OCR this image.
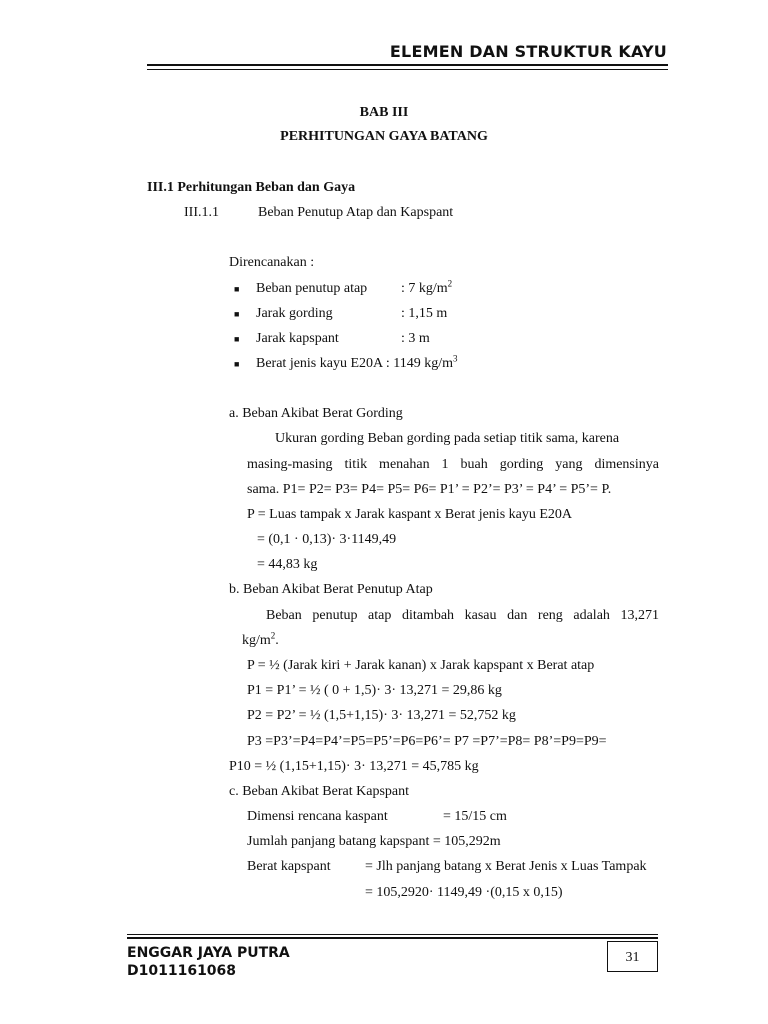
ELEMEN DAN STRUKTUR KAYU
BAB III
PERHITUNGAN GAYA BATANG
III.1 Perhitungan Beban dan Gaya
III.1.1	Beban Penutup Atap dan Kapspant
Direncanakan :
■ Beban penutup atap : 7 $kg/m^2$
■ Jarak gording	: 1,15 m
■ Jarak kapspant	: 3 m
■ Berat jenis kayu E20A : 1149 $kg/m^3$
a. Beban Akibat Berat Gording
Ukuran gording Beban gording pada setiap titik sama, karena
masing-masing titik menahan 1 buah gording yang dimensinya
sama. P1= P2= P3= P4= P5= P6= P1’ = P2’= P3’ = P4’ = P5’= P.
P = Luas tampak x Jarak kaspant x Berat jenis kayu E20A
= (0,1 · 0,13)· 3·1149,49
= 44,83 kg
b. Beban Akibat Berat Penutup Atap
Beban penutup atap ditambah kasau dan reng adalah 13,271
$kg/m^2$.
P = ½ (Jarak kiri + Jarak kanan) x Jarak kapspant x Berat atap
P1 = P1’ = ½ ( 0 + 1,5)· 3· 13,271 = 29,86 kg
P2 = P2’ = ½ (1,5+1,15)· 3· 13,271 = 52,752 kg
P3 =P3’=P4=P4’=P5=P5’=P6=P6’= P7 =P7’=P8= P8’=P9=P9=
P10 = ½ (1,15+1,15)· 3· 13,271 = 45,785 kg
c. Beban Akibat Berat Kapspant
Dimensi rencana kaspant	= 15/15 cm
Jumlah panjang batang kapspant = 105,292m
Berat kapspant = Jlh panjang batang x Berat Jenis x Luas Tampak
= 105,2920· 1149,49 ·(0,15 x 0,15)
ENGGAR JAYA PUTRA
D1011161068
31
